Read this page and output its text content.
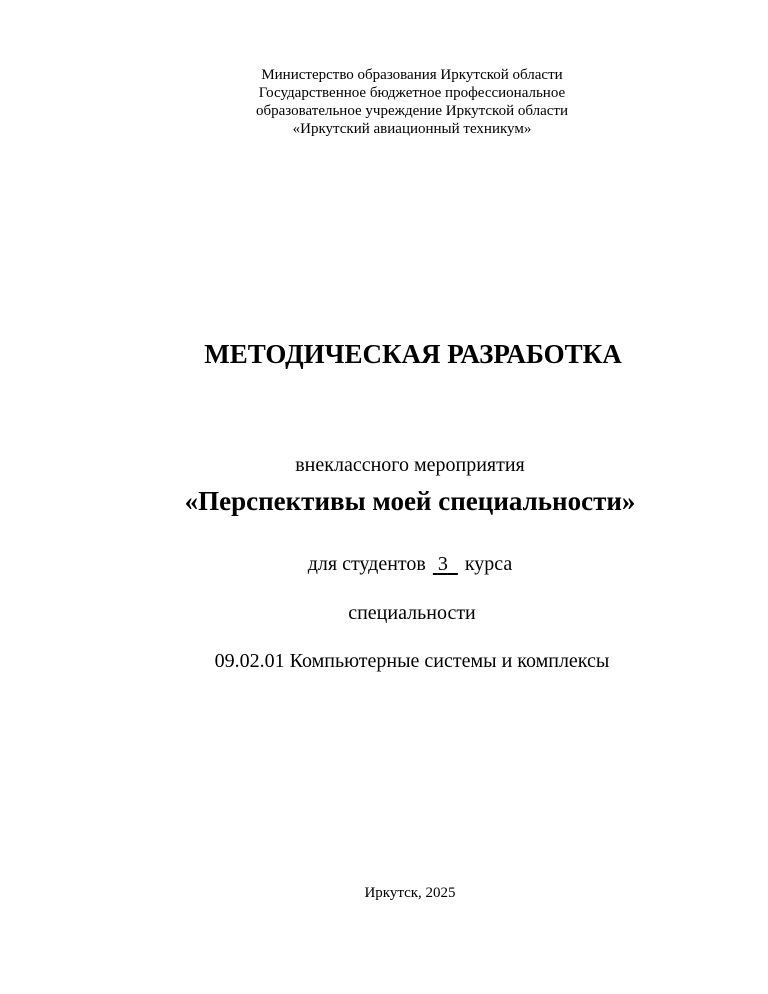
Министерство образования Иркутской области
Государственное бюджетное профессиональное
образовательное учреждение Иркутской области
«Иркутский авиационный техникум»
МЕТОДИЧЕСКАЯ РАЗРАБОТКА
внеклассного мероприятия
«Перспективы моей специальности»
для студентов 3 курса
специальности
09.02.01 Компьютерные системы и комплексы
Иркутск, 2025
